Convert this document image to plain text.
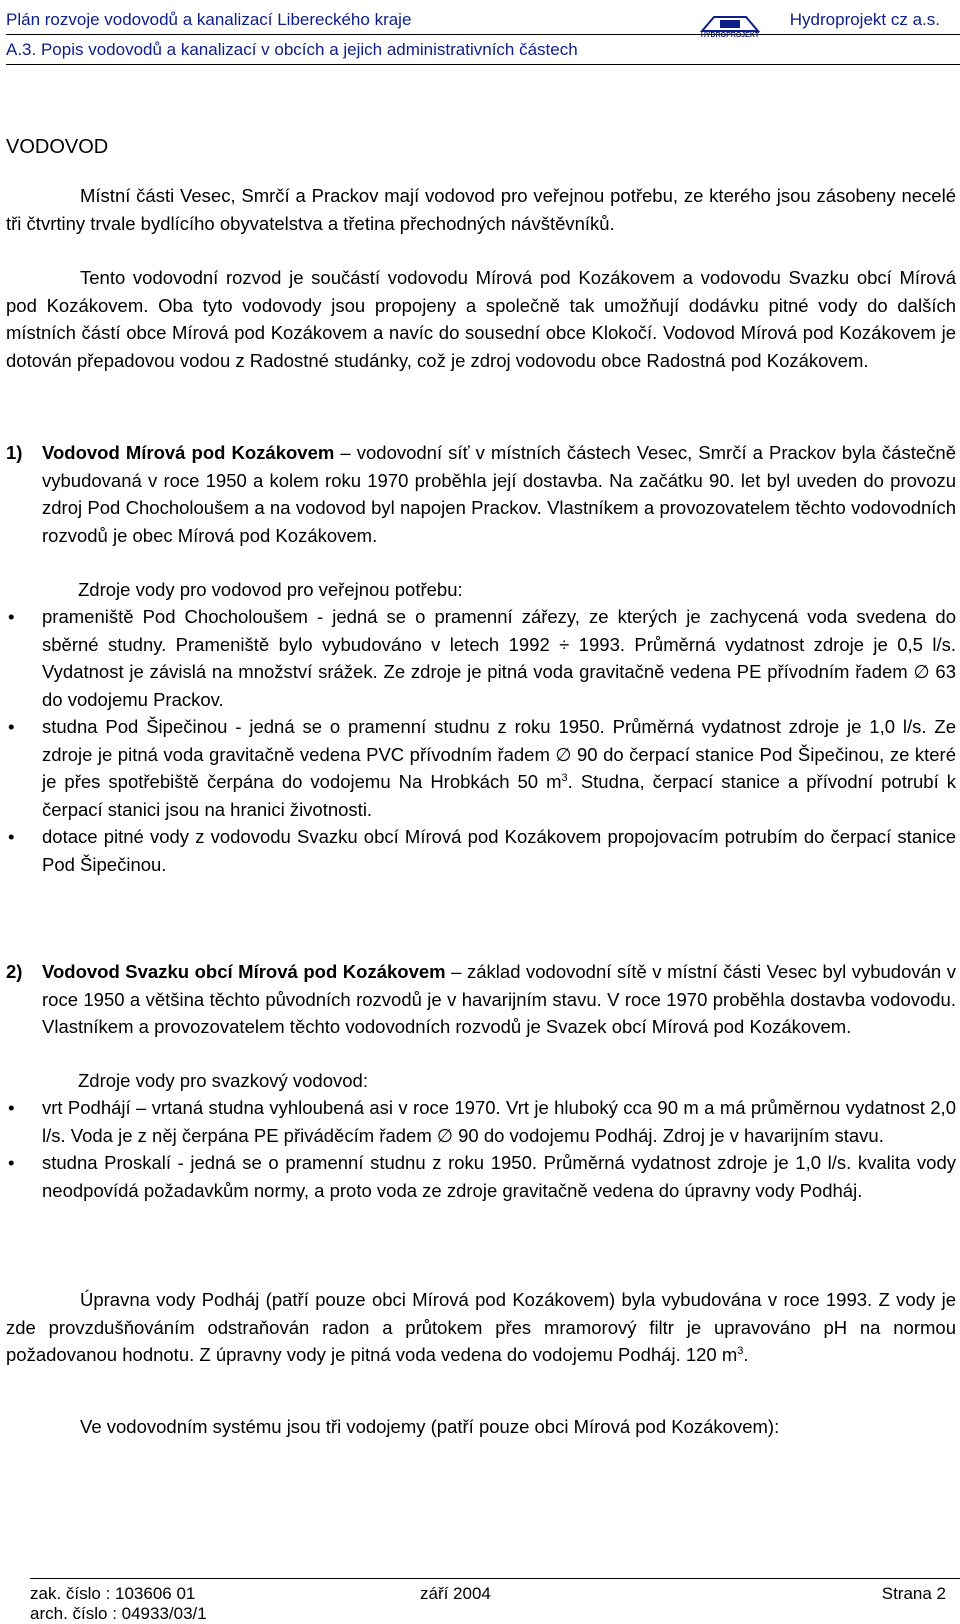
Plán rozvoje vodovodů a kanalizací Libereckého kraje
HYDROPROJEKT
Hydroprojekt cz a.s.
A.3. Popis vodovodů a kanalizací v obcích a jejich administrativních částech
VODOVOD
Místní části Vesec, Smrčí a Prackov mají vodovod pro veřejnou potřebu, ze kterého jsou zásobeny necelé tři čtvrtiny trvale bydlícího obyvatelstva a třetina přechodných návštěvníků.
Tento vodovodní rozvod je součástí vodovodu Mírová pod Kozákovem a vodovodu Svazku obcí Mírová pod Kozákovem. Oba tyto vodovody jsou propojeny a společně tak umožňují dodávku pitné vody do dalších místních částí obce Mírová pod Kozákovem a navíc do sousední obce Klokočí. Vodovod Mírová pod Kozákovem je dotován přepadovou vodou z Radostné studánky, což je zdroj vodovodu obce Radostná pod Kozákovem.
1) Vodovod Mírová pod Kozákovem – vodovodní síť v místních částech Vesec, Smrčí a Prackov byla částečně vybudovaná v roce 1950 a kolem roku 1970 proběhla její dostavba. Na začátku 90. let byl uveden do provozu zdroj Pod Chocholoušem a na vodovod byl napojen Prackov. Vlastníkem a provozovatelem těchto vodovodních rozvodů je obec Mírová pod Kozákovem.
Zdroje vody pro vodovod pro veřejnou potřebu:
• prameniště Pod Chocholoušem - jedná se o pramenní zářezy, ze kterých je zachycená voda svedena do sběrné studny. Prameniště bylo vybudováno v letech 1992 ÷ 1993. Průměrná vydatnost zdroje je 0,5 l/s. Vydatnost je závislá na množství srážek. Ze zdroje je pitná voda gravitačně vedena PE přívodním řadem ∅ 63 do vodojemu Prackov.
• studna Pod Šipečinou - jedná se o pramenní studnu z roku 1950. Průměrná vydatnost zdroje je 1,0 l/s. Ze zdroje je pitná voda gravitačně vedena PVC přívodním řadem ∅ 90 do čerpací stanice Pod Šipečinou, ze které je přes spotřebiště čerpána do vodojemu Na Hrobkách 50 $m^3$. Studna, čerpací stanice a přívodní potrubí k čerpací stanici jsou na hranici životnosti.
• dotace pitné vody z vodovodu Svazku obcí Mírová pod Kozákovem propojovacím potrubím do čerpací stanice Pod Šipečinou.
2) Vodovod Svazku obcí Mírová pod Kozákovem – základ vodovodní sítě v místní části Vesec byl vybudován v roce 1950 a většina těchto původních rozvodů je v havarijním stavu. V roce 1970 proběhla dostavba vodovodu. Vlastníkem a provozovatelem těchto vodovodních rozvodů je Svazek obcí Mírová pod Kozákovem.
Zdroje vody pro svazkový vodovod:
• vrt Podhájí – vrtaná studna vyhloubená asi v roce 1970. Vrt je hluboký cca 90 m a má průměrnou vydatnost 2,0 l/s. Voda je z něj čerpána PE přiváděcím řadem ∅ 90 do vodojemu Podháj. Zdroj je v havarijním stavu.
• studna Proskalí - jedná se o pramenní studnu z roku 1950. Průměrná vydatnost zdroje je 1,0 l/s. kvalita vody neodpovídá požadavkům normy, a proto voda ze zdroje gravitačně vedena do úpravny vody Podháj.
Úpravna vody Podháj (patří pouze obci Mírová pod Kozákovem) byla vybudována v roce 1993. Z vody je zde provzdušňováním odstraňován radon a průtokem přes mramorový filtr je upravováno pH na normou požadovanou hodnotu. Z úpravny vody je pitná voda vedena do vodojemu Podháj. 120 $m^3$.
Ve vodovodním systému jsou tři vodojemy (patří pouze obci Mírová pod Kozákovem):
zak. číslo : 103606 01	září 2004	Strana 2
arch. číslo : 04933/03/1
